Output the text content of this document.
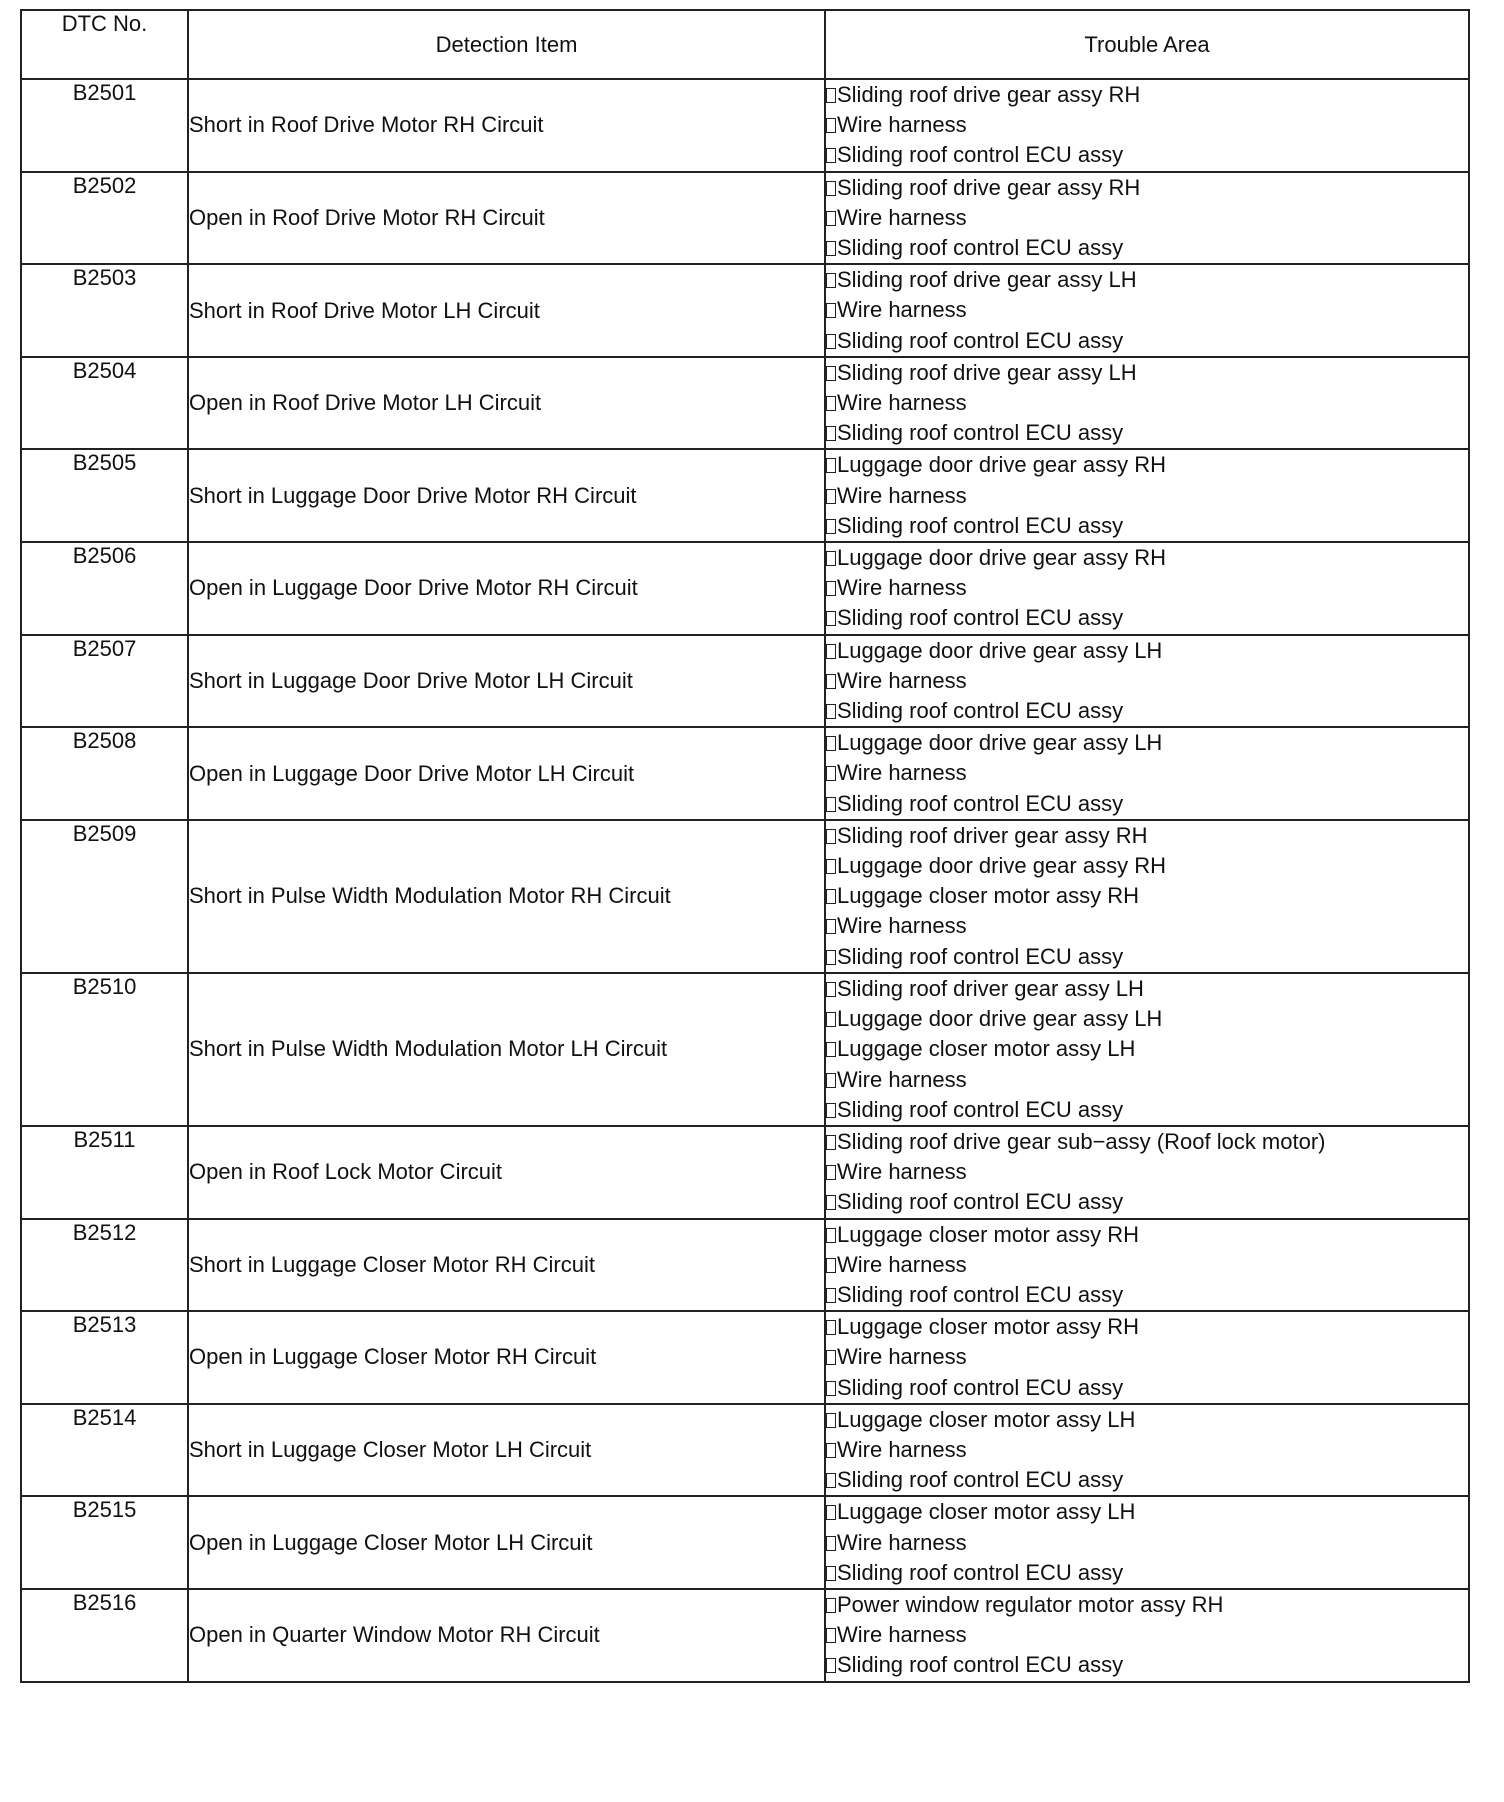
DTC No.	Detection Item	Trouble Area
B2501	Short in Roof Drive Motor RH Circuit	Sliding roof drive gear assy RH
Wire harness
Sliding roof control ECU assy

B2502	Open in Roof Drive Motor RH Circuit	Sliding roof drive gear assy RH
Wire harness
Sliding roof control ECU assy

B2503	Short in Roof Drive Motor LH Circuit	Sliding roof drive gear assy LH
Wire harness
Sliding roof control ECU assy

B2504	Open in Roof Drive Motor LH Circuit	Sliding roof drive gear assy LH
Wire harness
Sliding roof control ECU assy

B2505	Short in Luggage Door Drive Motor RH Circuit	Luggage door drive gear assy RH
Wire harness
Sliding roof control ECU assy

B2506	Open in Luggage Door Drive Motor RH Circuit	Luggage door drive gear assy RH
Wire harness
Sliding roof control ECU assy

B2507	Short in Luggage Door Drive Motor LH Circuit	Luggage door drive gear assy LH
Wire harness
Sliding roof control ECU assy

B2508	Open in Luggage Door Drive Motor LH Circuit	Luggage door drive gear assy LH
Wire harness
Sliding roof control ECU assy

B2509	Short in Pulse Width Modulation Motor RH Circuit	Sliding roof driver gear assy RH
Luggage door drive gear assy RH
Luggage closer motor assy RH
Wire harness
Sliding roof control ECU assy

B2510	Short in Pulse Width Modulation Motor LH Circuit	Sliding roof driver gear assy LH
Luggage door drive gear assy LH
Luggage closer motor assy LH
Wire harness
Sliding roof control ECU assy

B2511	Open in Roof Lock Motor Circuit	Sliding roof drive gear sub−assy (Roof lock motor)
Wire harness
Sliding roof control ECU assy

B2512	Short in Luggage Closer Motor RH Circuit	Luggage closer motor assy RH
Wire harness
Sliding roof control ECU assy

B2513	Open in Luggage Closer Motor RH Circuit	Luggage closer motor assy RH
Wire harness
Sliding roof control ECU assy

B2514	Short in Luggage Closer Motor LH Circuit	Luggage closer motor assy LH
Wire harness
Sliding roof control ECU assy

B2515	Open in Luggage Closer Motor LH Circuit	Luggage closer motor assy LH
Wire harness
Sliding roof control ECU assy

B2516	Open in Quarter Window Motor RH Circuit	Power window regulator motor assy RH
Wire harness
Sliding roof control ECU assy
